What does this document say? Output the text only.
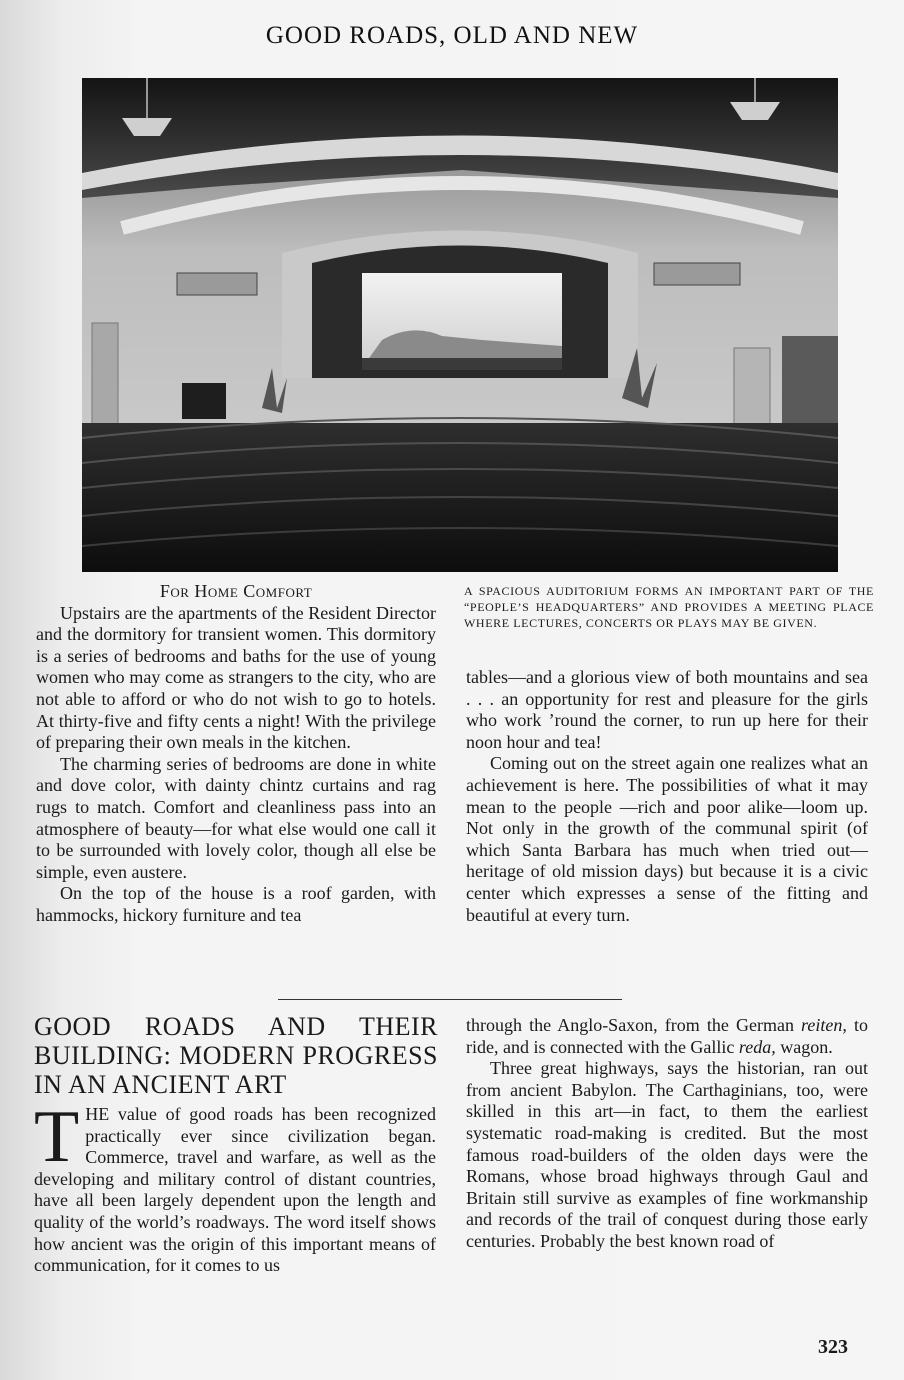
GOOD ROADS, OLD AND NEW
For Home Comfort

Upstairs are the apartments of the Resident Director and the dormitory for transient women. This dormitory is a series of bedrooms and baths for the use of young women who may come as strangers to the city, who are not able to afford or who do not wish to go to hotels. At thirty-five and fifty cents a night! With the privilege of preparing their own meals in the kitchen.

The charming series of bedrooms are done in white and dove color, with dainty chintz curtains and rag rugs to match. Comfort and cleanliness pass into an atmosphere of beauty—for what else would one call it to be surrounded with lovely color, though all else be simple, even austere.

On the top of the house is a roof garden, with hammocks, hickory furniture and tea

A SPACIOUS AUDITORIUM FORMS AN IMPORTANT PART OF THE “PEOPLE’S HEADQUARTERS” AND PROVIDES A MEETING PLACE WHERE LECTURES, CONCERTS OR PLAYS MAY BE GIVEN.

tables—and a glorious view of both mountains and sea . . . an opportunity for rest and pleasure for the girls who work ’round the corner, to run up here for their noon hour and tea!

Coming out on the street again one realizes what an achievement is here. The possibilities of what it may mean to the people —rich and poor alike—loom up. Not only in the growth of the communal spirit (of which Santa Barbara has much when tried out—heritage of old mission days) but because it is a civic center which expresses a sense of the fitting and beautiful at every turn.

GOOD ROADS AND THEIR BUILDING: MODERN PROGRESS IN AN ANCIENT ART

THE value of good roads has been recognized practically ever since civilization began. Commerce, travel and warfare, as well as the developing and military control of distant countries, have all been largely dependent upon the length and quality of the world’s roadways. The word itself shows how ancient was the origin of this important means of communication, for it comes to us

through the Anglo-Saxon, from the German reiten, to ride, and is connected with the Gallic reda, wagon.

Three great highways, says the historian, ran out from ancient Babylon. The Carthaginians, too, were skilled in this art—in fact, to them the earliest systematic road-making is credited. But the most famous road-builders of the olden days were the Romans, whose broad highways through Gaul and Britain still survive as examples of fine workmanship and records of the trail of conquest during those early centuries. Probably the best known road of

323
